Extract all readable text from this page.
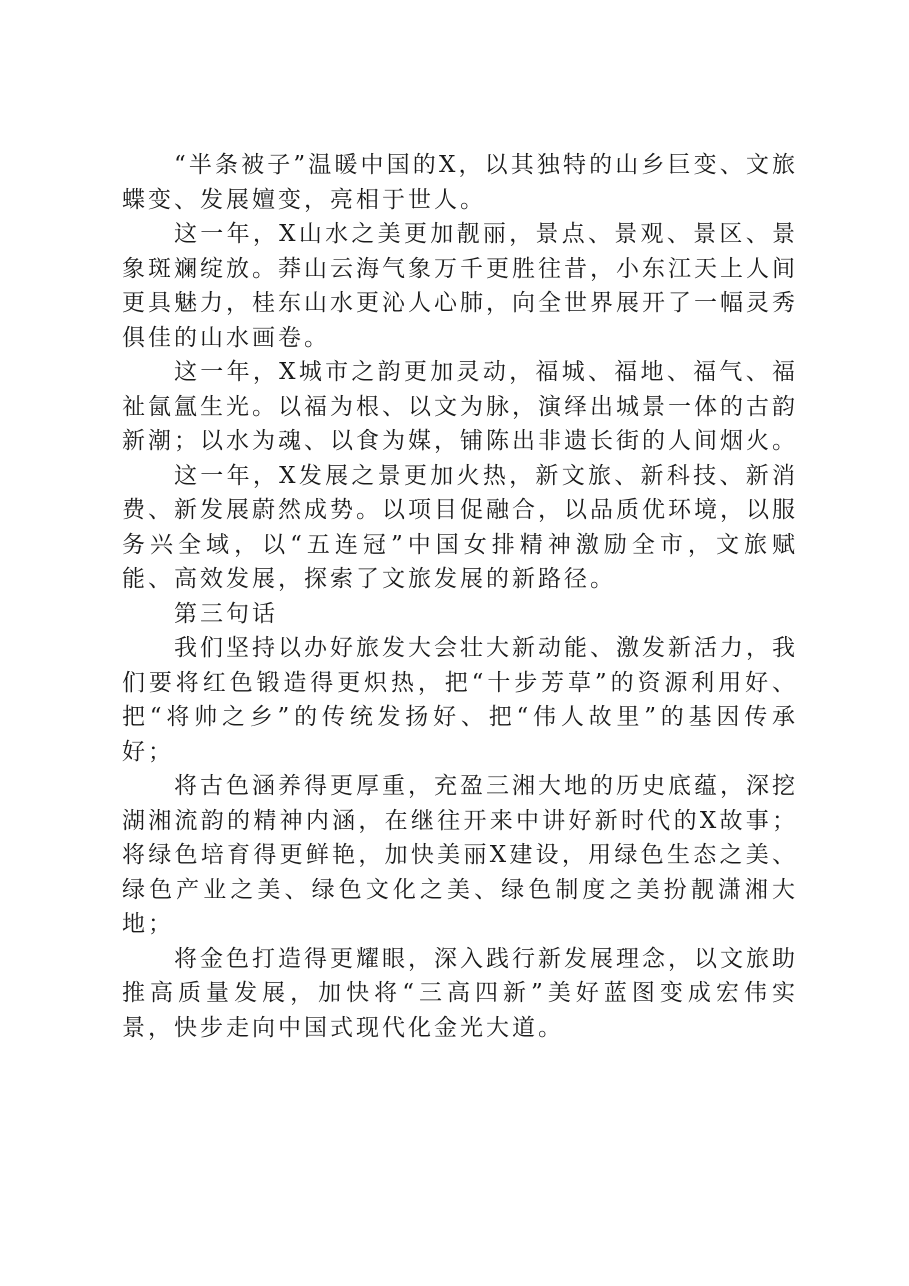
“半条被子”温暖中国的X，以其独特的山乡巨变、文旅蝶变、发展嬗变，亮相于世人。

这一年，X山水之美更加靓丽，景点、景观、景区、景象斑斓绽放。莽山云海气象万千更胜往昔，小东江天上人间更具魅力，桂东山水更沁人心肺，向全世界展开了一幅灵秀俱佳的山水画卷。

这一年，X城市之韵更加灵动，福城、福地、福气、福祉氤氲生光。以福为根、以文为脉，演绎出城景一体的古韵新潮；以水为魂、以食为媒，铺陈出非遗长街的人间烟火。

这一年，X发展之景更加火热，新文旅、新科技、新消费、新发展蔚然成势。以项目促融合，以品质优环境，以服务兴全域，以“五连冠”中国女排精神激励全市，文旅赋能、高效发展，探索了文旅发展的新路径。

第三句话

我们坚持以办好旅发大会壮大新动能、激发新活力，我们要将红色锻造得更炽热，把“十步芳草”的资源利用好、把“将帅之乡”的传统发扬好、把“伟人故里”的基因传承好；

将古色涵养得更厚重，充盈三湘大地的历史底蕴，深挖湖湘流韵的精神内涵，在继往开来中讲好新时代的X故事；将绿色培育得更鲜艳，加快美丽X建设，用绿色生态之美、绿色产业之美、绿色文化之美、绿色制度之美扮靓潇湘大地；

将金色打造得更耀眼，深入践行新发展理念，以文旅助推高质量发展，加快将“三高四新”美好蓝图变成宏伟实景，快步走向中国式现代化金光大道。
